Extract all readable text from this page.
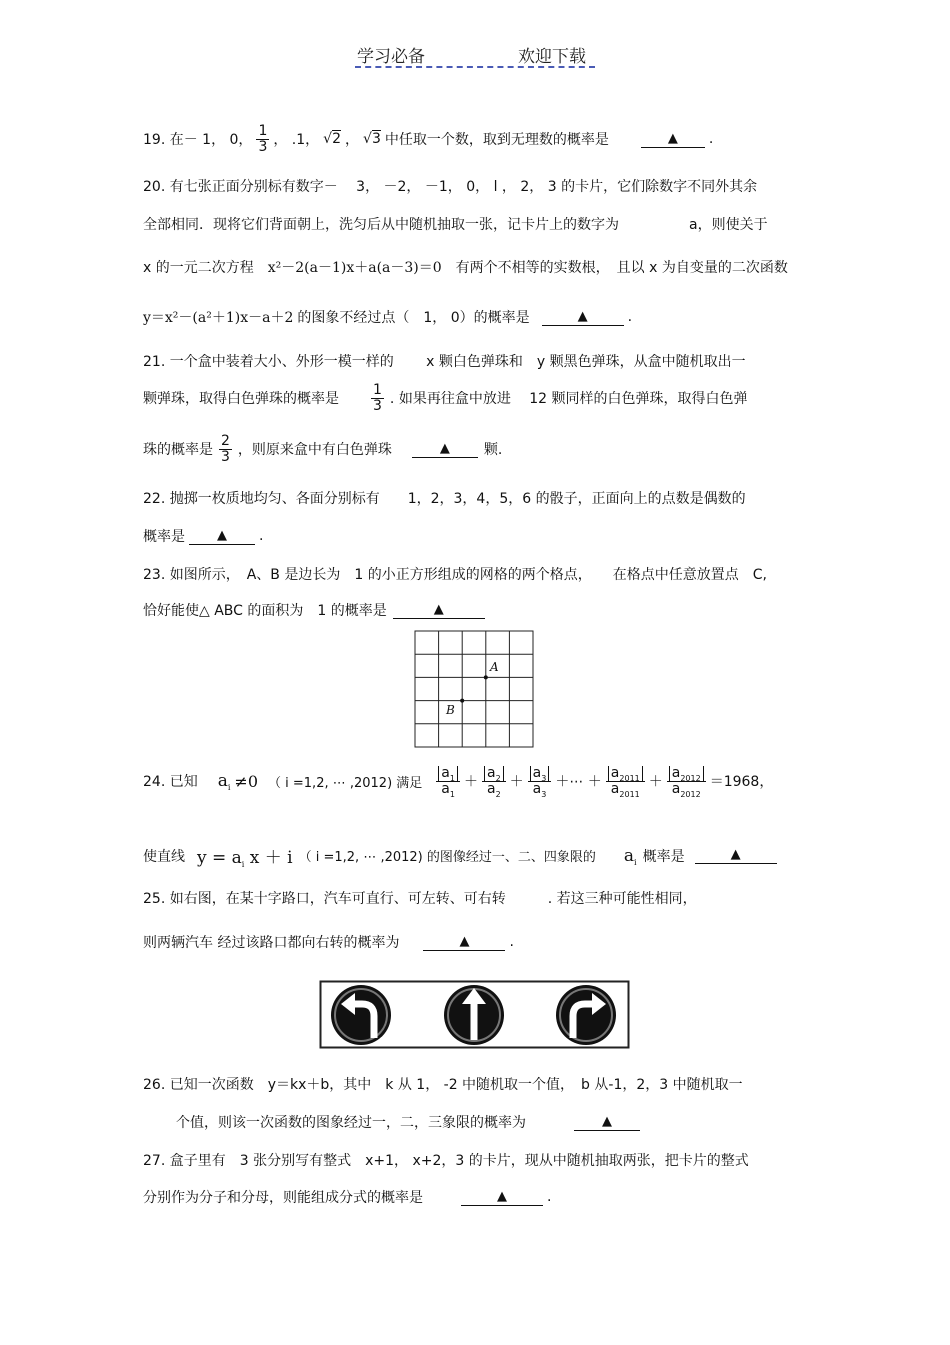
学习必备	欢迎下载
19. 在－ 1， 0， $\frac{1}{3}$ ， .1， √2 ， √3 中任取一个数，取到无理数的概率是	▲	.
20. 有七张正面分别标有数字－　 3， －2， －1， 0， l ， 2， 3 的卡片，它们除数字不同外其余
全部相同．现将它们背面朝上，洗匀后从中随机抽取一张，记卡片上的数字为　　　　　a，则使关于
x 的一元二次方程 x²－2(a－1)x＋a(a－3)＝0 有两个不相等的实数根，　且以 x 为自变量的二次函数
y＝x²－(a²＋1)x－a＋2 的图象不经过点（　1， 0）的概率是	▲	.
21. 一个盒中装着大小、外形一模一样的　　 x 颗白色弹珠和　y 颗黑色弹珠，从盒中随机取出一
颗弹珠，取得白色弹珠的概率是 $\frac{1}{3}$ . 如果再往盒中放进　 12 颗同样的白色弹珠，取得白色弹
珠的概率是 $\frac{2}{3}$ ，则原来盒中有白色弹珠	▲	颗.
22. 抛掷一枚质地均匀、各面分别标有　　1，2，3，4，5，6 的骰子，正面向上的点数是偶数的
概率是	▲	.
23. 如图所示，　A、B 是边长为　1 的小正方形组成的网格的两个格点，　　在格点中任意放置点　C,
恰好能使△ ABC 的面积为　1 的概率是	▲
A
B
24. 已知 $a_i \ne 0$ （ i =1,2, ⋯ ,2012) 满足 $\frac{a_1}{a_1} + \frac{a_2}{a_2} + \frac{a_3}{a_3}$ ＋⋯ ＋ $\frac{a_{2011}}{a_{2011}} + \frac{a_{2012}}{a_{2012}} =1968$，
使直线 $y = a_i$ x ＋ i （ i =1,2, ⋯ ,2012) 的图像经过一、二、四象限的 $a_i$ 概率是	▲
25. 如右图，在某十字路口，汽车可直行、可左转、可右转　　　. 若这三种可能性相同，
则两辆汽车 经过该路口都向右转的概率为	▲	.
26. 已知一次函数　y＝kx＋b，其中　k 从 1， -2 中随机取一个值，　b 从-1，2，3 中随机取一
个值，则该一次函数的图象经过一，二，三象限的概率为	▲
27. 盒子里有　3 张分别写有整式　x+1， x+2，3 的卡片，现从中随机抽取两张，把卡片的整式
分别作为分子和分母，则能组成分式的概率是	▲	.
